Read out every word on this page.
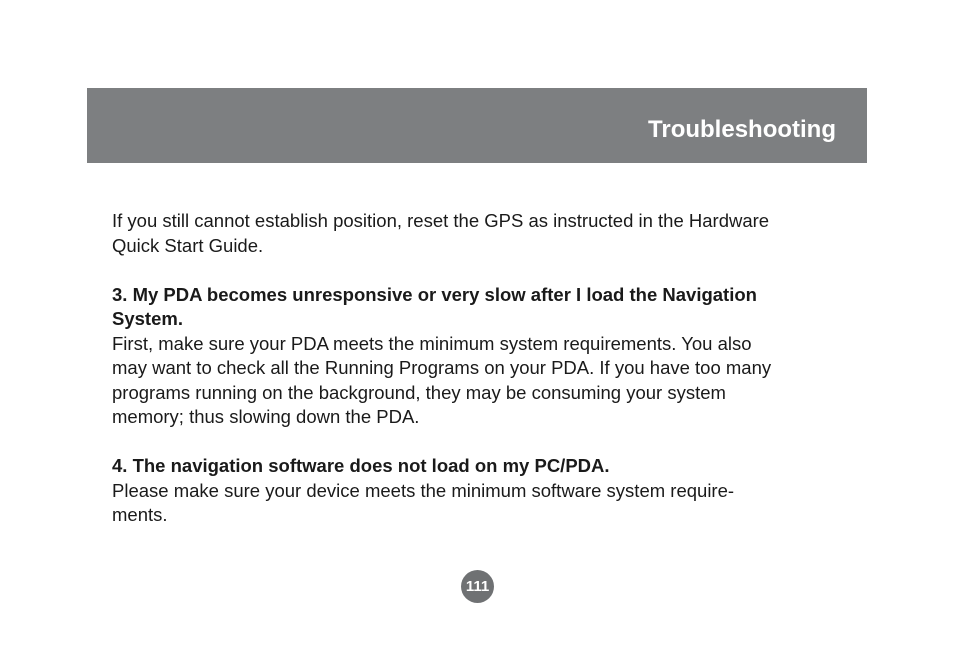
Troubleshooting

If you still cannot establish position, reset the GPS as instructed in the Hardware

Quick Start Guide.

3. My PDA becomes unresponsive or very slow after I load the Navigation

System.

First, make sure your PDA meets the minimum system requirements. You also

may want to check all the Running Programs on your PDA. If you have too many

programs running on the background, they may be consuming your system

memory; thus slowing down the PDA.

4. The navigation software does not load on my PC/PDA.

Please make sure your device meets the minimum software system require-

ments.

111
